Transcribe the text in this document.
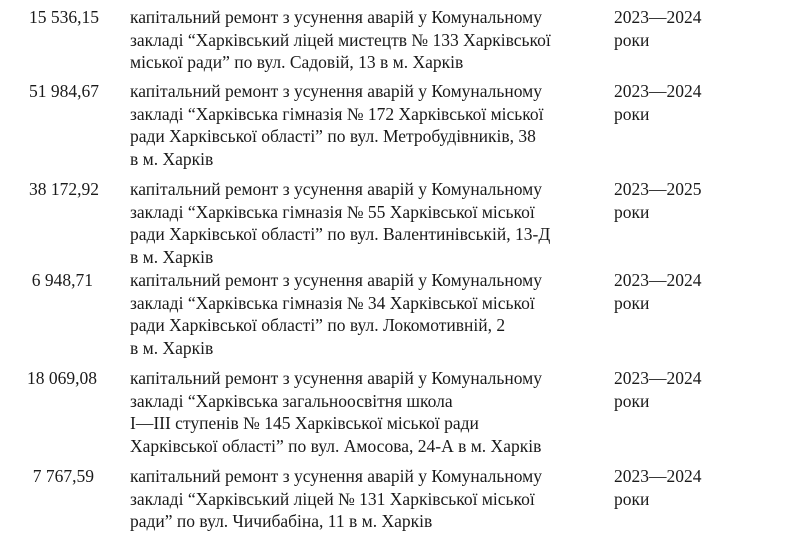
15 536,15 капітальний ремонт з усунення аварій у Комунальному
закладі “Харківський ліцей мистецтв № 133 Харківської
міської ради” по вул. Садовій, 13 в м. Харків
2023—2024
роки
51 984,67 капітальний ремонт з усунення аварій у Комунальному
закладі “Харківська гімназія № 172 Харківської міської
ради Харківської області” по вул. Метробудівників, 38
в м. Харків
2023—2024
роки
38 172,92 капітальний ремонт з усунення аварій у Комунальному
закладі “Харківська гімназія № 55 Харківської міської
ради Харківської області” по вул. Валентинівській, 13-Д
в м. Харків
2023—2025
роки
6 948,71 капітальний ремонт з усунення аварій у Комунальному
закладі “Харківська гімназія № 34 Харківської міської
ради Харківської області” по вул. Локомотивній, 2
в м. Харків
2023—2024
роки
18 069,08 капітальний ремонт з усунення аварій у Комунальному
закладі “Харківська загальноосвітня школа
I—III ступенів № 145 Харківської міської ради
Харківської області” по вул. Амосова, 24-А в м. Харків
2023—2024
роки
7 767,59 капітальний ремонт з усунення аварій у Комунальному
закладі “Харківський ліцей № 131 Харківської міської
ради” по вул. Чичибабіна, 11 в м. Харків
2023—2024
роки
